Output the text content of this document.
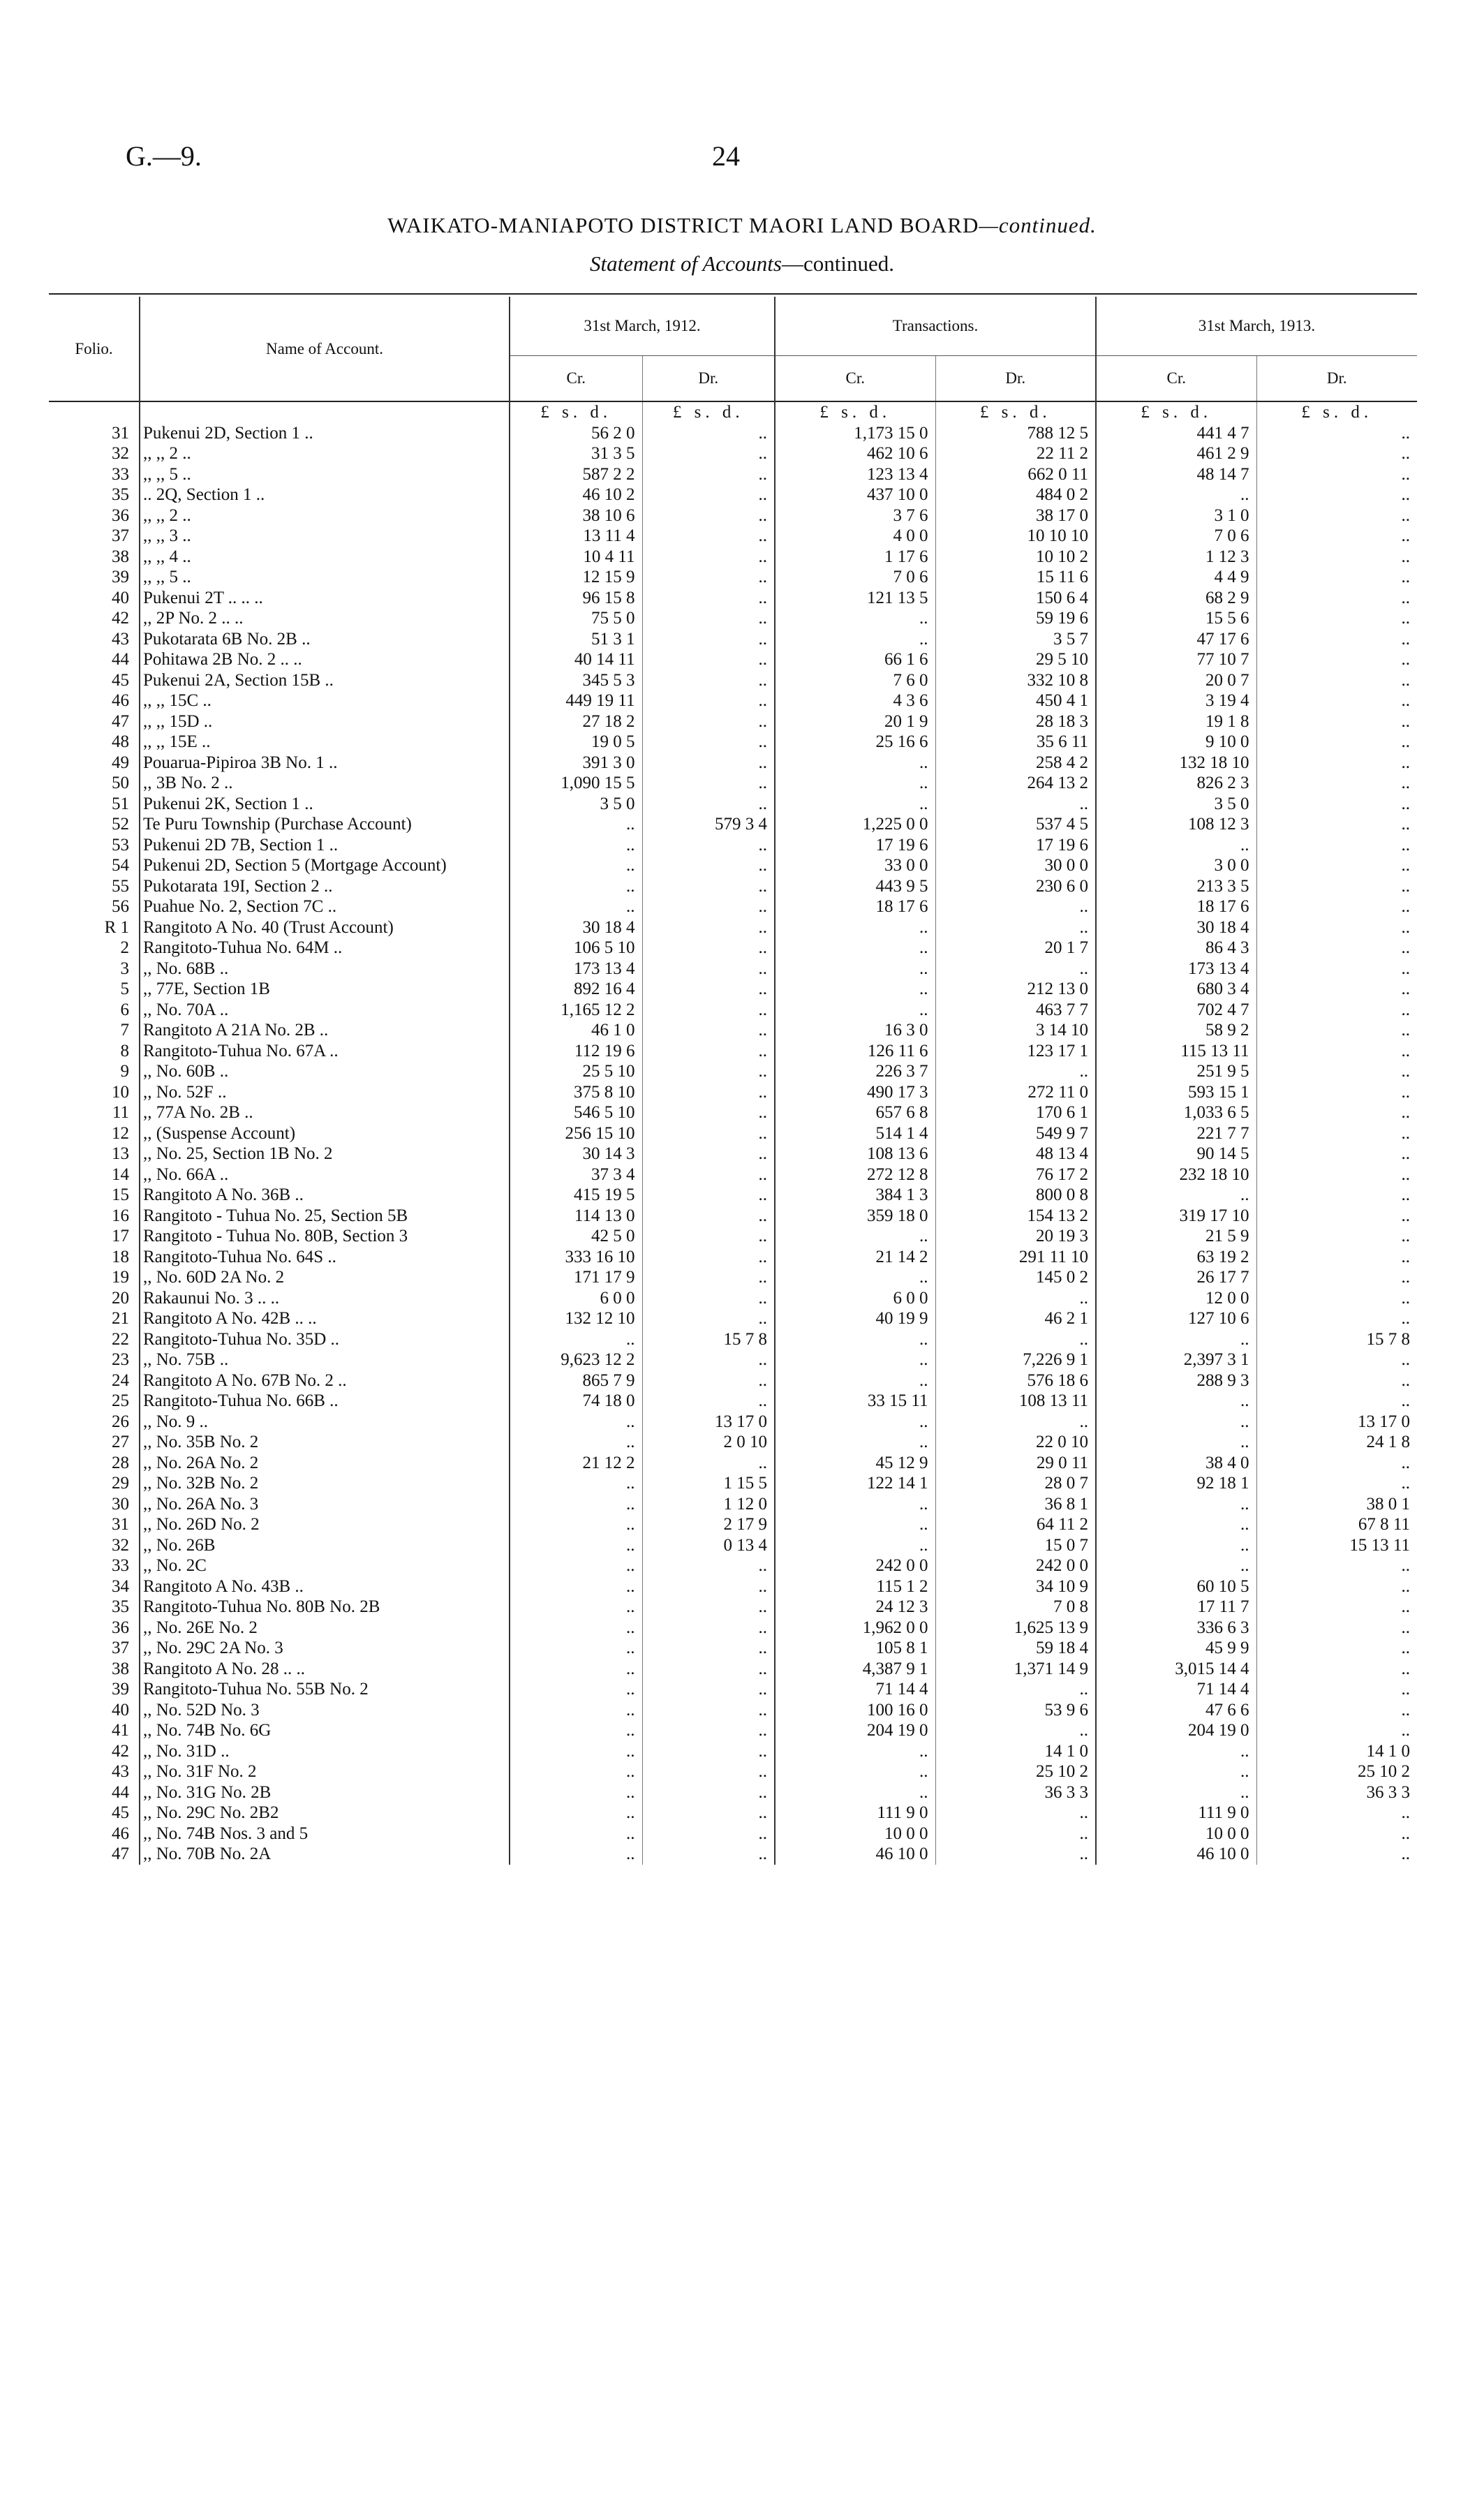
G.—9.	24
WAIKATO-MANIAPOTO DISTRICT MAORI LAND BOARD—continued.
Statement of Accounts—continued.
Folio.	Name of Account.	31st March, 1912.		Transactions.		31st March, 1913.	
		Cr.	Dr.	Cr.	Dr.	Cr.	Dr.
		£ s. d.	£ s. d.	£ s. d.	£ s. d.	£ s. d.	£ s. d.
31	Pukenui 2D, Section 1 ..	56 2 0	..	1,173 15 0	788 12 5	441 4 7	..
32	,, ,, 2 ..	31 3 5	..	462 10 6	22 11 2	461 2 9	..
33	,, ,, 5 ..	587 2 2	..	123 13 4	662 0 11	48 14 7	..
35	.. 2Q, Section 1 ..	46 10 2	..	437 10 0	484 0 2	..	..
36	,, ,, 2 ..	38 10 6	..	3 7 6	38 17 0	3 1 0	..
37	,, ,, 3 ..	13 11 4	..	4 0 0	10 10 10	7 0 6	..
38	,, ,, 4 ..	10 4 11	..	1 17 6	10 10 2	1 12 3	..
39	,, ,, 5 ..	12 15 9	..	7 0 6	15 11 6	4 4 9	..
40	Pukenui 2T .. .. ..	96 15 8	..	121 13 5	150 6 4	68 2 9	..
42	,, 2P No. 2 .. ..	75 5 0	..	..	59 19 6	15 5 6	..
43	Pukotarata 6B No. 2B ..	51 3 1	..	..	3 5 7	47 17 6	..
44	Pohitawa 2B No. 2 .. ..	40 14 11	..	66 1 6	29 5 10	77 10 7	..
45	Pukenui 2A, Section 15B ..	345 5 3	..	7 6 0	332 10 8	20 0 7	..
46	,, ,, 15C ..	449 19 11	..	4 3 6	450 4 1	3 19 4	..
47	,, ,, 15D ..	27 18 2	..	20 1 9	28 18 3	19 1 8	..
48	,, ,, 15E ..	19 0 5	..	25 16 6	35 6 11	9 10 0	..
49	Pouarua-Pipiroa 3B No. 1 ..	391 3 0	..	..	258 4 2	132 18 10	..
50	,, 3B No. 2 ..	1,090 15 5	..	..	264 13 2	826 2 3	..
51	Pukenui 2K, Section 1 ..	3 5 0	..	..	..	3 5 0	..
52	Te Puru Township (Purchase Account)	..	579 3 4	1,225 0 0	537 4 5	108 12 3	..
53	Pukenui 2D 7B, Section 1 ..	..	..	17 19 6	17 19 6	..	..
54	Pukenui 2D, Section 5 (Mortgage Account)	..	..	33 0 0	30 0 0	3 0 0	..
55	Pukotarata 19I, Section 2 ..	..	..	443 9 5	230 6 0	213 3 5	..
56	Puahue No. 2, Section 7C ..	..	..	18 17 6	..	18 17 6	..
R 1	Rangitoto A No. 40 (Trust Account)	30 18 4	..	..	..	30 18 4	..
2	Rangitoto-Tuhua No. 64M ..	106 5 10	..	..	20 1 7	86 4 3	..
3	,, No. 68B ..	173 13 4	..	..	..	173 13 4	..
5	,, 77E, Section 1B	892 16 4	..	..	212 13 0	680 3 4	..
6	,, No. 70A ..	1,165 12 2	..	..	463 7 7	702 4 7	..
7	Rangitoto A 21A No. 2B ..	46 1 0	..	16 3 0	3 14 10	58 9 2	..
8	Rangitoto-Tuhua No. 67A ..	112 19 6	..	126 11 6	123 17 1	115 13 11	..
9	,, No. 60B ..	25 5 10	..	226 3 7	..	251 9 5	..
10	,, No. 52F ..	375 8 10	..	490 17 3	272 11 0	593 15 1	..
11	,, 77A No. 2B ..	546 5 10	..	657 6 8	170 6 1	1,033 6 5	..
12	,, (Suspense Account)	256 15 10	..	514 1 4	549 9 7	221 7 7	..
13	,, No. 25, Section 1B No. 2	30 14 3	..	108 13 6	48 13 4	90 14 5	..
14	,, No. 66A ..	37 3 4	..	272 12 8	76 17 2	232 18 10	..
15	Rangitoto A No. 36B ..	415 19 5	..	384 1 3	800 0 8	..	..
16	Rangitoto - Tuhua No. 25, Section 5B	114 13 0	..	359 18 0	154 13 2	319 17 10	..
17	Rangitoto - Tuhua No. 80B, Section 3	42 5 0	..	..	20 19 3	21 5 9	..
18	Rangitoto-Tuhua No. 64S ..	333 16 10	..	21 14 2	291 11 10	63 19 2	..
19	,, No. 60D 2A No. 2	171 17 9	..	..	145 0 2	26 17 7	..
20	Rakaunui No. 3 .. ..	6 0 0	..	6 0 0	..	12 0 0	..
21	Rangitoto A No. 42B .. ..	132 12 10	..	40 19 9	46 2 1	127 10 6	..
22	Rangitoto-Tuhua No. 35D ..	..	15 7 8	..	..	..	15 7 8
23	,, No. 75B ..	9,623 12 2	..	..	7,226 9 1	2,397 3 1	..
24	Rangitoto A No. 67B No. 2 ..	865 7 9	..	..	576 18 6	288 9 3	..
25	Rangitoto-Tuhua No. 66B ..	74 18 0	..	33 15 11	108 13 11	..	..
26	,, No. 9 ..	..	13 17 0	..	..	..	13 17 0
27	,, No. 35B No. 2	..	2 0 10	..	22 0 10	..	24 1 8
28	,, No. 26A No. 2	21 12 2	..	45 12 9	29 0 11	38 4 0	..
29	,, No. 32B No. 2	..	1 15 5	122 14 1	28 0 7	92 18 1	..
30	,, No. 26A No. 3	..	1 12 0	..	36 8 1	..	38 0 1
31	,, No. 26D No. 2	..	2 17 9	..	64 11 2	..	67 8 11
32	,, No. 26B	..	0 13 4	..	15 0 7	..	15 13 11
33	,, No. 2C	..	..	242 0 0	242 0 0	..	..
34	Rangitoto A No. 43B ..	..	..	115 1 2	34 10 9	60 10 5	..
35	Rangitoto-Tuhua No. 80B No. 2B	..	..	24 12 3	7 0 8	17 11 7	..
36	,, No. 26E No. 2	..	..	1,962 0 0	1,625 13 9	336 6 3	..
37	,, No. 29C 2A No. 3	..	..	105 8 1	59 18 4	45 9 9	..
38	Rangitoto A No. 28 .. ..	..	..	4,387 9 1	1,371 14 9	3,015 14 4	..
39	Rangitoto-Tuhua No. 55B No. 2	..	..	71 14 4	..	71 14 4	..
40	,, No. 52D No. 3	..	..	100 16 0	53 9 6	47 6 6	..
41	,, No. 74B No. 6G	..	..	204 19 0	..	204 19 0	..
42	,, No. 31D ..	..	..	..	14 1 0	..	14 1 0
43	,, No. 31F No. 2	..	..	..	25 10 2	..	25 10 2
44	,, No. 31G No. 2B	..	..	..	36 3 3	..	36 3 3
45	,, No. 29C No. 2B2	..	..	111 9 0	..	111 9 0	..
46	,, No. 74B Nos. 3 and 5	..	..	10 0 0	..	10 0 0	..
47	,, No. 70B No. 2A	..	..	46 10 0	..	46 10 0	..
